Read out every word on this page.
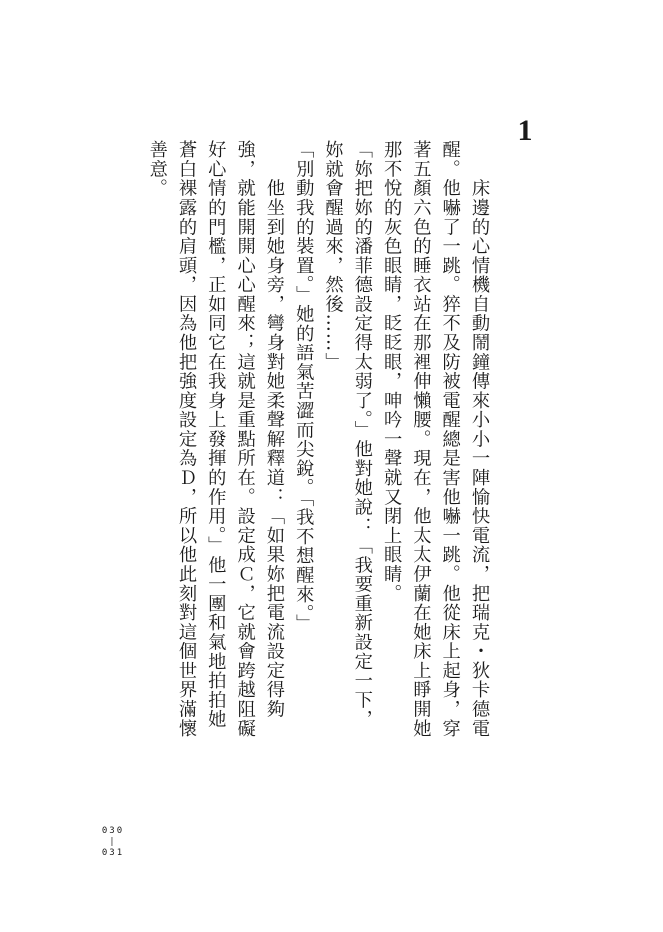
1

　　床邊的心情機自動鬧鐘傳來小小一陣愉快電流，把瑞克・狄卡德電醒。他嚇了一跳。猝不及防被電醒總是害他嚇一跳。他從床上起身，穿著五顏六色的睡衣站在那裡伸懶腰。現在，他太太伊蘭在她床上睜開她那不悅的灰色眼睛，眨眨眼，呻吟一聲就又閉上眼睛。

「妳把妳的潘菲德設定得太弱了。」他對她說：「我要重新設定一下，妳就會醒過來，然後……」

「別動我的裝置。」她的語氣苦澀而尖銳。「我不想醒來。」

　　他坐到她身旁，彎身對她柔聲解釋道：「如果妳把電流設定得夠強，就能開開心心醒來；這就是重點所在。設定成Ｃ，它就會跨越阻礙好心情的門檻，正如同它在我身上發揮的作用。」他一團和氣地拍拍她蒼白裸露的肩頭，因為他把強度設定為Ｄ，所以他此刻對這個世界滿懷善意。

030
|
031
